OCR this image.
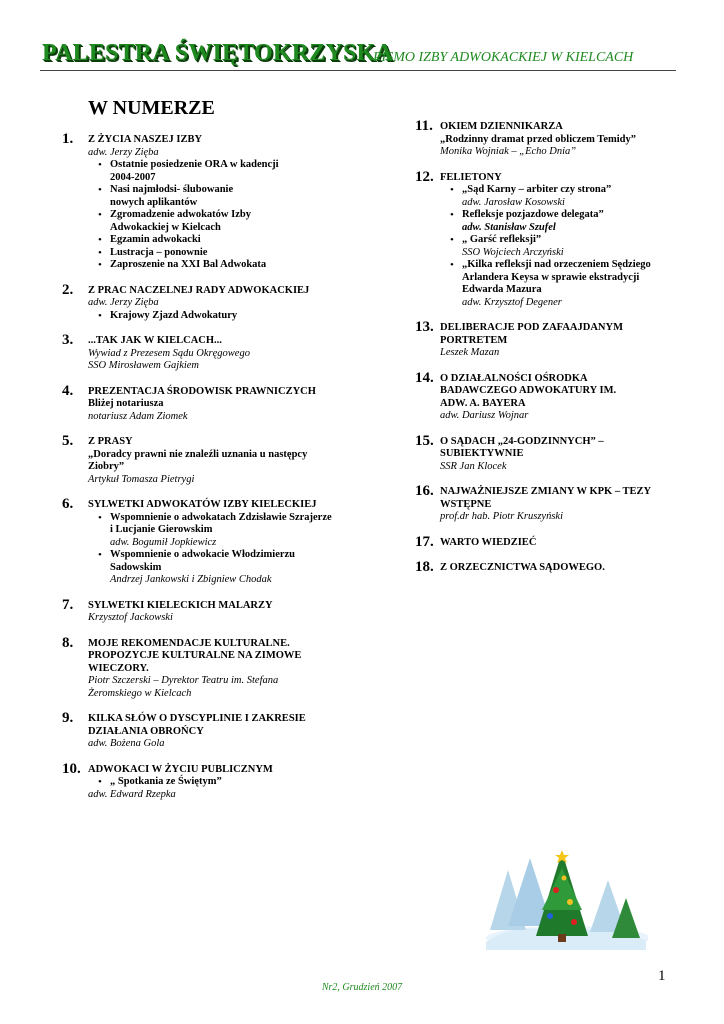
PALESTRA ŚWIĘTOKRZYSKA
PISMO IZBY ADWOKACKIEJ W KIELCACH
W NUMERZE
1. Z ŻYCIA NASZEJ IZBY
adw. Jerzy Zięba
• Ostatnie posiedzenie ORA w kadencji
2004-2007
• Nasi najmłodsi- ślubowanie
nowych aplikantów
• Zgromadzenie adwokatów Izby
Adwokackiej w Kielcach
• Egzamin adwokacki
• Lustracja – ponownie
• Zaproszenie na XXI Bal Adwokata
2. Z PRAC NACZELNEJ RADY ADWOKACKIEJ
adw. Jerzy Zięba
• Krajowy Zjazd Adwokatury
3. ...TAK JAK W KIELCACH...
Wywiad z Prezesem Sądu Okręgowego
SSO Mirosławem Gajkiem
4. PREZENTACJA ŚRODOWISK PRAWNICZYCH
Bliżej notariusza
notariusz Adam Ziomek
5. Z PRASY
„Doradcy prawni nie znaleźli uznania u następcy
Ziobry”
Artykuł Tomasza Pietrygi
6. SYLWETKI ADWOKATÓW IZBY KIELECKIEJ
• Wspomnienie o adwokatach Zdzisławie Szrajerze
i Lucjanie Gierowskim
adw. Bogumił Jopkiewicz
• Wspomnienie o adwokacie Włodzimierzu
Sadowskim
Andrzej Jankowski i Zbigniew Chodak
7. SYLWETKI KIELECKICH MALARZY
Krzysztof Jackowski
8. MOJE REKOMENDACJE KULTURALNE.
PROPOZYCJE KULTURALNE NA ZIMOWE
WIECZORY.
Piotr Szczerski – Dyrektor Teatru im. Stefana
Żeromskiego w Kielcach
9. KILKA SŁÓW O DYSCYPLINIE I ZAKRESIE
DZIAŁANIA OBROŃCY
adw. Bożena Gola
10. ADWOKACI W ŻYCIU PUBLICZNYM
• „ Spotkania ze Świętym”
adw. Edward Rzepka
11. OKIEM DZIENNIKARZA
„Rodzinny dramat przed obliczem Temidy”
Monika Wojniak – „Echo Dnia”
12. FELIETONY
• „Sąd Karny – arbiter czy strona”
adw. Jarosław Kosowski
• Refleksje pozjazdowe delegata”
adw. Stanisław Szufel
• „ Garść refleksji”
SSO Wojciech Arczyński
• „Kilka refleksji nad orzeczeniem Sędziego
Arlandera Keysa w sprawie ekstradycji
Edwarda Mazura
adw. Krzysztof Degener
13. DELIBERACJE POD ZAFAAJDANYM
PORTRETEM
Leszek Mazan
14. O DZIAŁALNOŚCI OŚRODKA
BADAWCZEGO ADWOKATURY IM.
ADW. A. BAYERA
adw. Dariusz Wojnar
15. O SĄDACH „24-GODZINNYCH” –
SUBIEKTYWNIE
SSR Jan Klocek
16. NAJWAŻNIEJSZE ZMIANY W KPK – TEZY
WSTĘPNE
prof.dr hab. Piotr Kruszyński
17. WARTO WIEDZIEĆ
18. Z ORZECZNICTWA SĄDOWEGO.
1
Nr2, Grudzień 2007
